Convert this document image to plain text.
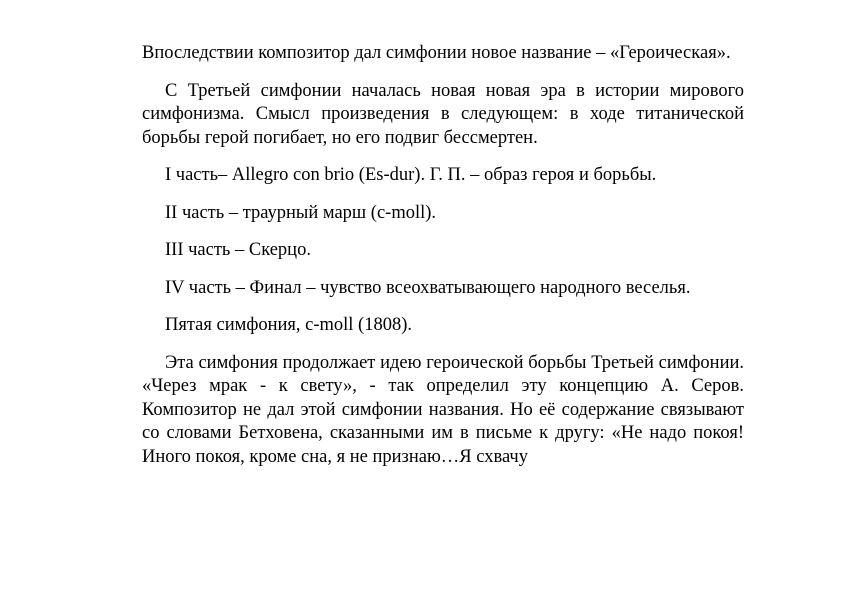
Впоследствии композитор дал симфонии новое название – «Героическая».

С Третьей симфонии началась новая новая эра в истории мирового симфонизма. Смысл произведения в следующем: в ходе титанической борьбы герой погибает, но его подвиг бессмертен.

I часть– Allegro con brio (Es-dur). Г. П. – образ героя и борьбы.

II часть – траурный марш (c-moll).

III часть – Скерцо.

IV часть – Финал – чувство всеохватывающего народного веселья.

Пятая симфония, c-moll (1808).

Эта симфония продолжает идею героической борьбы Третьей симфонии. «Через мрак - к свету», - так определил эту концепцию А. Серов. Композитор не дал этой симфонии названия. Но её содержание связывают со словами Бетховена, сказанными им в письме к другу: «Не надо покоя! Иного покоя, кроме сна, я не признаю…Я схвачу
